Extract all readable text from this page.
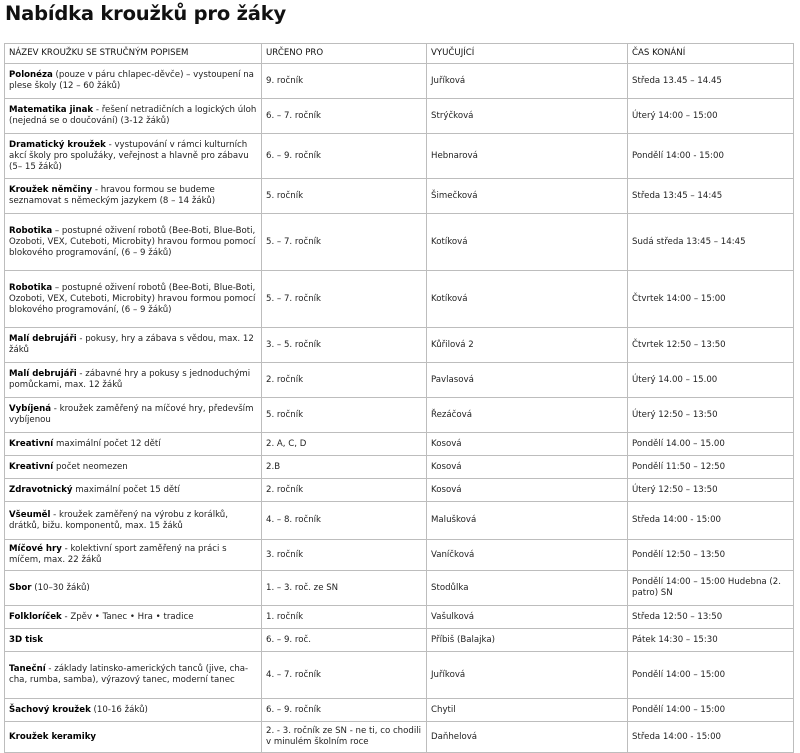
Nabídka kroužků pro žáky
NÁZEV KROUŽKU SE STRUČNÝM POPISEM	URČENO PRO	VYUČUJÍCÍ	ČAS KONÁNÍ
Polonéza (pouze v páru chlapec-děvče) – vystoupení na plese školy (12 – 60 žáků)	9. ročník	Juříková	Středa 13.45 – 14.45
Matematika jinak - řešení netradičních a logických úloh (nejedná se o doučování) (3-12 žáků)	6. – 7. ročník	Strýčková	Úterý 14:00 – 15:00
Dramatický kroužek - vystupování v rámci kulturních akcí školy pro spolužáky, veřejnost a hlavně pro zábavu (5– 15 žáků)	6. – 9. ročník	Hebnarová	Pondělí 14:00 - 15:00
Kroužek němčiny - hravou formou se budeme seznamovat s německým jazykem (8 – 14 žáků)	5. ročník	Šimečková	Středa 13:45 – 14:45
Robotika – postupné oživení robotů (Bee-Boti, Blue-Boti, Ozoboti, VEX, Cuteboti, Microbity) hravou formou pomocí blokového programování, (6 – 9 žáků)	5. – 7. ročník	Kotíková	Sudá středa 13:45 – 14:45
Robotika – postupné oživení robotů (Bee-Boti, Blue-Boti, Ozoboti, VEX, Cuteboti, Microbity) hravou formou pomocí blokového programování, (6 – 9 žáků)	5. – 7. ročník	Kotíková	Čtvrtek 14:00 – 15:00
Malí debrujáři - pokusy, hry a zábava s vědou, max. 12 žáků	3. – 5. ročník	Kůřilová 2	Čtvrtek 12:50 – 13:50
Malí debrujáři - zábavné hry a pokusy s jednoduchými pomůckami, max. 12 žáků	2. ročník	Pavlasová	Úterý 14.00 – 15.00
Vybíjená - kroužek zaměřený na míčové hry, především vybíjenou	5. ročník	Řezáčová	Úterý 12:50 – 13:50
Kreativní maximální počet 12 dětí	2. A, C, D	Kosová	Pondělí 14.00 – 15.00
Kreativní počet neomezen	2.B	Kosová	Pondělí 11:50 – 12:50
Zdravotnický maximální počet 15 dětí	2. ročník	Kosová	Úterý 12:50 – 13:50
Všeuměl - kroužek zaměřený na výrobu z korálků, drátků, bižu. komponentů, max. 15 žáků	4. – 8. ročník	Malušková	Středa 14:00 - 15:00
Míčové hry - kolektivní sport zaměřený na práci s míčem, max. 22 žáků	3. ročník	Vaníčková	Pondělí 12:50 – 13:50
Sbor (10–30 žáků)	1. – 3. roč. ze SN	Stodůlka	Pondělí 14:00 – 15:00 Hudebna (2. patro) SN
Folkloríček - Zpěv • Tanec • Hra • tradice	1. ročník	Vašulková	Středa 12:50 – 13:50
3D tisk	6. – 9. roč.	Příbiš (Balajka)	Pátek 14:30 – 15:30
Taneční - základy latinsko-amerických tanců (jive, cha-cha, rumba, samba), výrazový tanec, moderní tanec	4. – 7. ročník	Juříková	Pondělí 14:00 – 15:00
Šachový kroužek (10-16 žáků)	6. – 9. ročník	Chytil	Pondělí 14:00 – 15:00
Kroužek keramiky	2. - 3. ročník ze SN - ne ti, co chodili v minulém školním roce	Daňhelová	Středa 14:00 - 15:00
